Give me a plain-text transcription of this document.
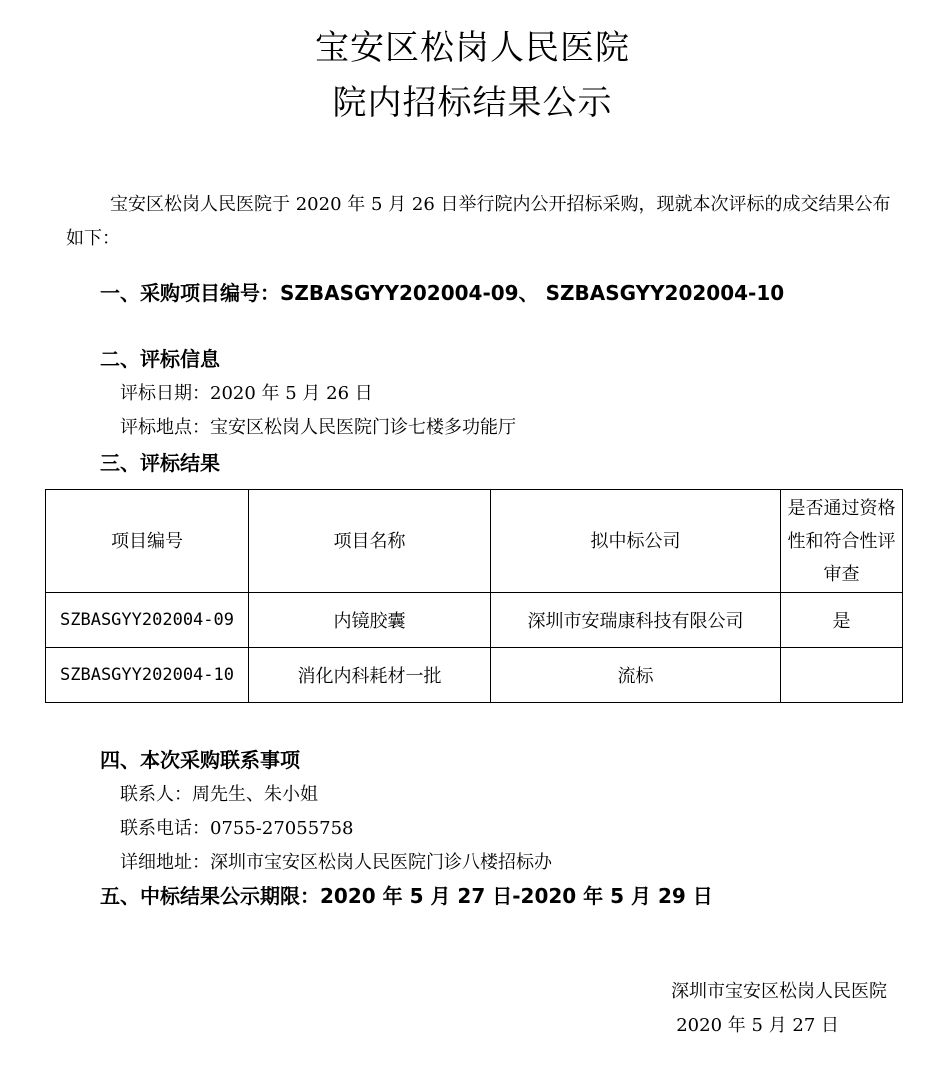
宝安区松岗人民医院
院内招标结果公示
宝安区松岗人民医院于 2020 年 5 月 26 日举行院内公开招标采购，现就本次评标的成交结果公布如下：
一、采购项目编号：SZBASGYY202004-09、 SZBASGYY202004-10
二、评标信息
评标日期：2020 年 5 月 26 日
评标地点：宝安区松岗人民医院门诊七楼多功能厅
三、评标结果
项目编号	项目名称	拟中标公司	是否通过资格性和符合性评审查
SZBASGYY202004-09	内镜胶囊	深圳市安瑞康科技有限公司	是
SZBASGYY202004-10	消化内科耗材一批	流标	
四、本次采购联系事项
联系人：周先生、朱小姐
联系电话：0755-27055758
详细地址：深圳市宝安区松岗人民医院门诊八楼招标办
五、中标结果公示期限：2020 年 5 月 27 日-2020 年 5 月 29 日
深圳市宝安区松岗人民医院
2020 年 5 月 27 日
